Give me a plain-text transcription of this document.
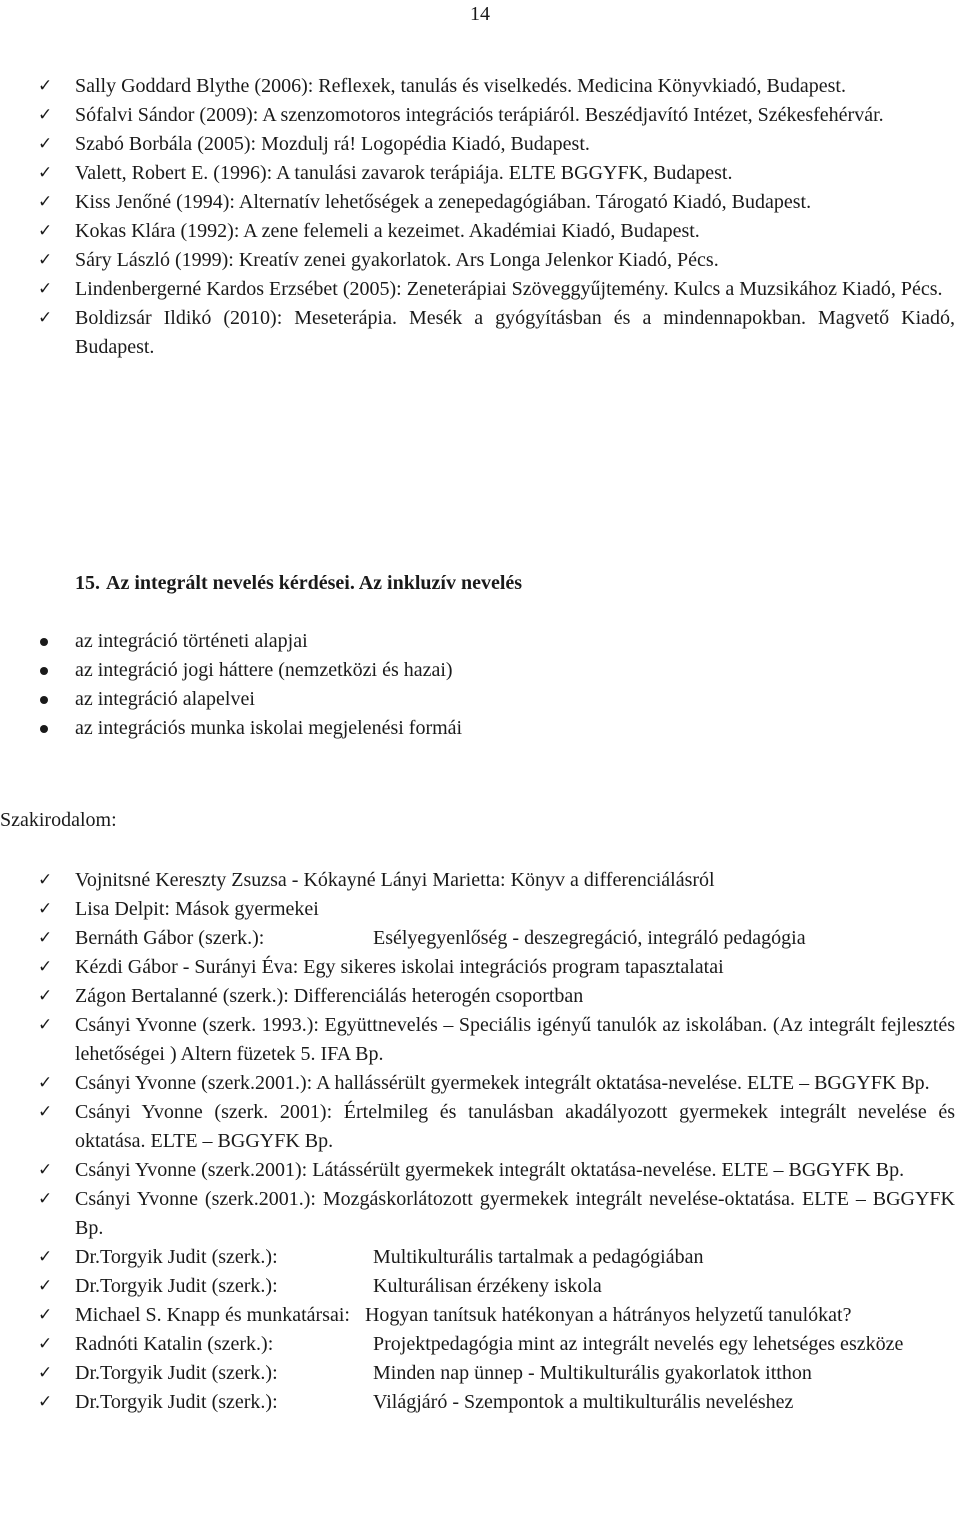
14
✓	Sally Goddard Blythe (2006): Reflexek, tanulás és viselkedés. Medicina Könyvkiadó, Budapest.
✓	Sófalvi Sándor (2009): A szenzomotoros integrációs terápiáról. Beszédjavító Intézet, Székesfehérvár.
✓	Szabó Borbála (2005): Mozdulj rá! Logopédia Kiadó, Budapest.
✓	Valett, Robert E. (1996): A tanulási zavarok terápiája. ELTE BGGYFK, Budapest.
✓	Kiss Jenőné (1994): Alternatív lehetőségek a zenepedagógiában. Tárogató Kiadó, Budapest.
✓	Kokas Klára (1992): A zene felemeli a kezeimet. Akadémiai Kiadó, Budapest.
✓	Sáry László (1999): Kreatív zenei gyakorlatok. Ars Longa Jelenkor Kiadó, Pécs.
✓	Lindenbergerné Kardos Erzsébet (2005): Zeneterápiai Szöveggyűjtemény. Kulcs a Muzsikához Kiadó, Pécs.
✓	Boldizsár Ildikó (2010): Meseterápia. Mesék a gyógyításban és a mindennapokban. Magvető Kiadó, Budapest.
15. Az integrált nevelés kérdései. Az inkluzív nevelés
az integráció történeti alapjai
az integráció jogi háttere (nemzetközi és hazai)
az integráció alapelvei
az integrációs munka iskolai megjelenési formái
Szakirodalom:
✓	Vojnitsné Kereszty Zsuzsa - Kókayné Lányi Marietta: Könyv a differenciálásról
✓	Lisa Delpit: Mások gyermekei
✓	Bernáth Gábor (szerk.):	Esélyegyenlőség - deszegregáció, integráló pedagógia
✓	Kézdi Gábor - Surányi Éva: Egy sikeres iskolai integrációs program tapasztalatai
✓	Zágon Bertalanné (szerk.): Differenciálás heterogén csoportban
✓	Csányi Yvonne (szerk. 1993.): Együttnevelés – Speciális igényű tanulók az iskolában. (Az integrált fejlesztés lehetőségei ) Altern füzetek 5. IFA Bp.
✓	Csányi Yvonne (szerk.2001.): A hallássérült gyermekek integrált oktatása-nevelése. ELTE – BGGYFK Bp.
✓	Csányi Yvonne (szerk. 2001): Értelmileg és tanulásban akadályozott gyermekek integrált nevelése és oktatása. ELTE – BGGYFK Bp.
✓	Csányi Yvonne (szerk.2001): Látássérült gyermekek integrált oktatása-nevelése. ELTE – BGGYFK Bp.
✓	Csányi Yvonne (szerk.2001.): Mozgáskorlátozott gyermekek integrált nevelése-oktatása. ELTE – BGGYFK Bp.
✓	Dr.Torgyik Judit (szerk.):	Multikulturális tartalmak a pedagógiában
✓	Dr.Torgyik Judit (szerk.):	Kulturálisan érzékeny iskola
✓	Michael S. Knapp és munkatársai: Hogyan tanítsuk hatékonyan a hátrányos helyzetű tanulókat?
✓	Radnóti Katalin (szerk.):	Projektpedagógia mint az integrált nevelés egy lehetséges eszköze
✓	Dr.Torgyik Judit (szerk.):	Minden nap ünnep - Multikulturális gyakorlatok itthon
✓	Dr.Torgyik Judit (szerk.):	Világjáró - Szempontok a multikulturális neveléshez
